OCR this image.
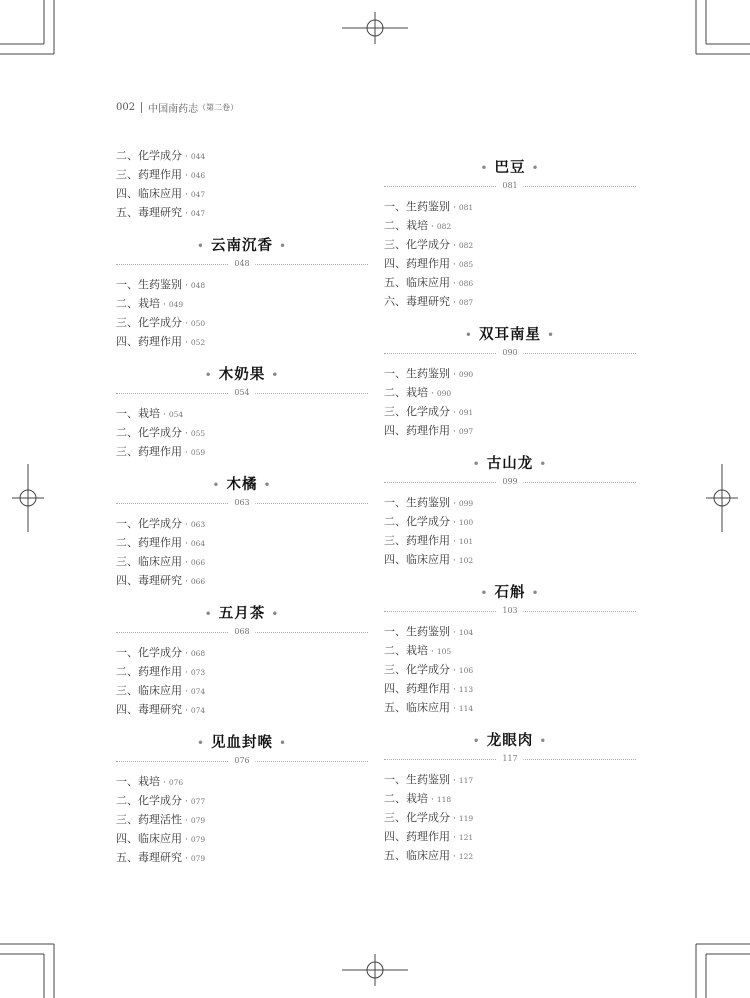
002 中国南药志 （第二卷）
二、化学成分 · 044
三、药理作用 · 046
四、临床应用 · 047
五、毒理研究 · 047
• 云南沉香 •
048
一、生药鉴别 · 048
二、栽培 · 049
三、化学成分 · 050
四、药理作用 · 052
• 木奶果 •
054
一、栽培 · 054
二、化学成分 · 055
三、药理作用 · 059
• 木橘 •
063
一、化学成分 · 063
二、药理作用 · 064
三、临床应用 · 066
四、毒理研究 · 066
• 五月茶 •
068
一、化学成分 · 068
二、药理作用 · 073
三、临床应用 · 074
四、毒理研究 · 074
• 见血封喉 •
076
一、栽培 · 076
二、化学成分 · 077
三、药理活性 · 079
四、临床应用 · 079
五、毒理研究 · 079
• 巴豆 •
081
一、生药鉴别 · 081
二、栽培 · 082
三、化学成分 · 082
四、药理作用 · 085
五、临床应用 · 086
六、毒理研究 · 087
• 双耳南星 •
090
一、生药鉴别 · 090
二、栽培 · 090
三、化学成分 · 091
四、药理作用 · 097
• 古山龙 •
099
一、生药鉴别 · 099
二、化学成分 · 100
三、药理作用 · 101
四、临床应用 · 102
• 石斛 •
103
一、生药鉴别 · 104
二、栽培 · 105
三、化学成分 · 106
四、药理作用 · 113
五、临床应用 · 114
• 龙眼肉 •
117
一、生药鉴别 · 117
二、栽培 · 118
三、化学成分 · 119
四、药理作用 · 121
五、临床应用 · 122
